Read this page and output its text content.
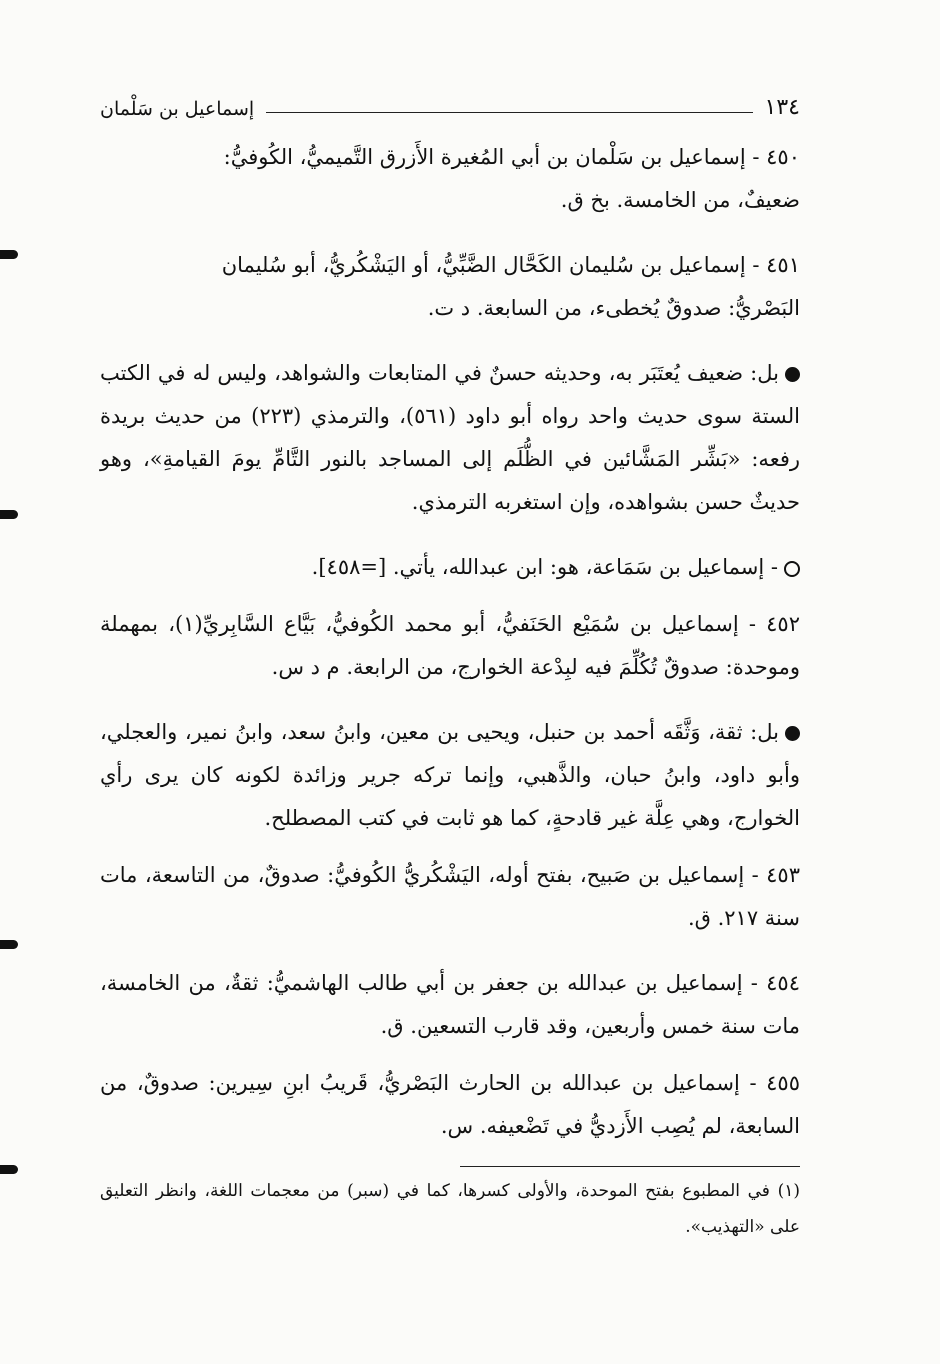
١٣٤
إسماعيل بن سَلْمان

٤٥٠ - إسماعيل بن سَلْمان بن أبي المُغيرة الأَزرق التَّميميُّ، الكُوفيُّ:
ضعيفٌ، من الخامسة. بخ ق.

٤٥١ - إسماعيل بن سُليمان الكَحَّال الضَّبِّيُّ، أو اليَشْكُريُّ، أبو سُليمان
البَصْريُّ: صدوقٌ يُخطىء، من السابعة. د ت.

بل: ضعيف يُعتَبَر به، وحديثه حسنٌ في المتابعات والشواهد، وليس له في الكتب الستة سوى حديث واحد رواه أبو داود (٥٦١)، والترمذي (٢٢٣) من حديث بريدة رفعه: «بَشِّر المَشَّائين في الظُّلَم إلى المساجد بالنور التَّامِّ يومَ القيامةِ»، وهو حديثٌ حسن بشواهده، وإن استغربه الترمذي.

- إسماعيل بن سَمَاعة، هو: ابن عبدالله، يأتي. [=٤٥٨].

٤٥٢ - إسماعيل بن سُمَيْع الحَنَفيُّ، أبو محمد الكُوفيُّ، بَيَّاع السَّابِريِّ(١)، بمهملة وموحدة: صدوقٌ تُكُلِّمَ فيه لبِدْعة الخوارج، من الرابعة. م د س.

بل: ثقة، وَثَّقَه أحمد بن حنبل، ويحيى بن معين، وابنُ سعد، وابنُ نمير، والعجلي، وأبو داود، وابنُ حبان، والذَّهبي، وإنما تركه جرير وزائدة لكونه كان يرى رأي الخوارج، وهي عِلَّة غير قادحةٍ، كما هو ثابت في كتب المصطلح.

٤٥٣ - إسماعيل بن صَبيح، بفتح أوله، اليَشْكُريُّ الكُوفيُّ: صدوقٌ، من التاسعة، مات سنة ٢١٧. ق.

٤٥٤ - إسماعيل بن عبدالله بن جعفر بن أبي طالب الهاشميُّ: ثقةٌ، من الخامسة، مات سنة خمس وأربعين، وقد قارب التسعين. ق.

٤٥٥ - إسماعيل بن عبدالله بن الحارث البَصْريُّ، قَريبُ ابنِ سِيرين: صدوقٌ، من السابعة، لم يُصِب الأَزديُّ في تَضْعيفه. س.

(١) في المطبوع بفتح الموحدة، والأولى كسرها، كما في (سبر) من معجمات اللغة، وانظر التعليق على «التهذيب».
